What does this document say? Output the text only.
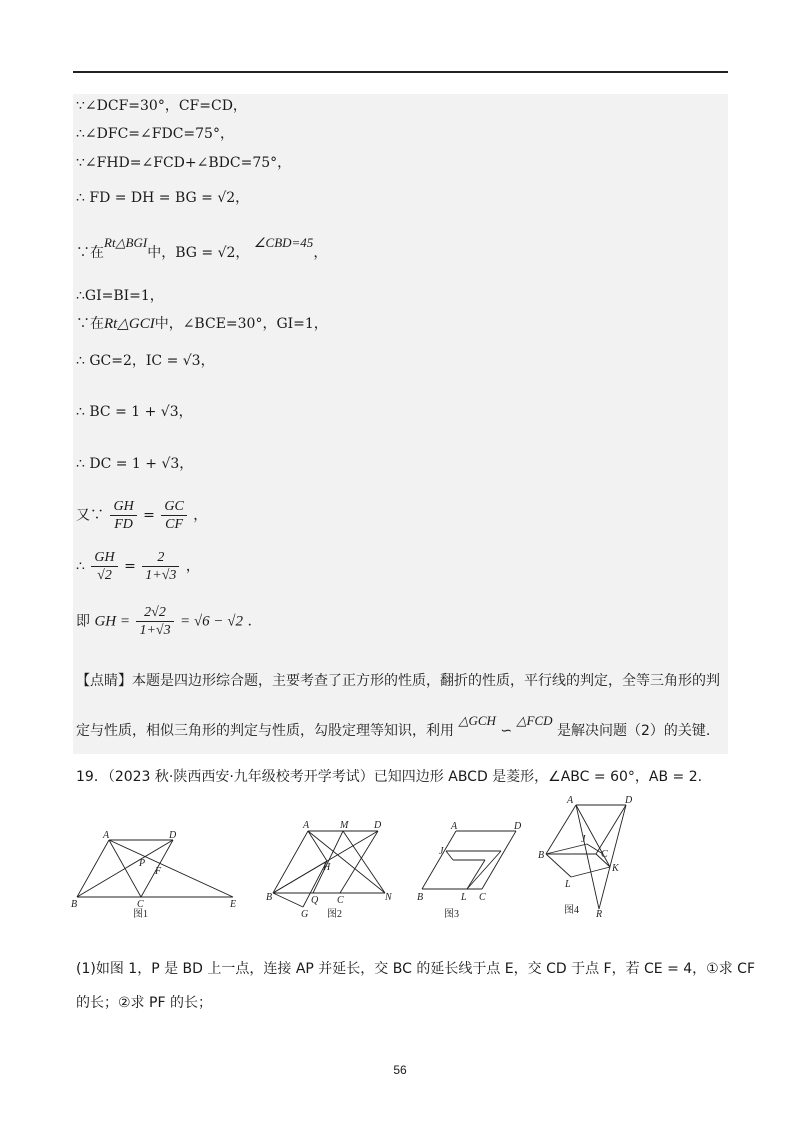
∵∠DCF=30°，CF=CD，
∴∠DFC=∠FDC=75°，
∵∠FHD=∠FCD+∠BDC=75°，
∴ FD = DH = BG = √2，
∵在Rt△BGI中，BG = √2， ∠CBD=45，
∴GI=BI=1，
∵在Rt△GCI中，∠BCE=30°，GI=1，
∴ GC=2，IC = √3，
∴ BC = 1 + √3，
∴ DC = 1 + √3，
又∵ $\frac{GH}{FD} = \frac{GC}{CF}$ ，
∴ $\frac{GH}{√2} = \frac{2}{1+√3}$ ，
即 GH = $\frac{2√2}{1+√3} = √6 - √2$ .
【点睛】本题是四边形综合题，主要考查了正方形的性质，翻折的性质，平行线的判定，全等三角形的判
定与性质，相似三角形的判定与性质，勾股定理等知识，利用 △GCH ∽ △FCD 是解决问题（2）的关键.
19．（2023 秋·陕西西安·九年级校考开学考试）已知四边形 ABCD 是菱形，∠ABC = 60°，AB = 2.
A	D
B	C	E
P
F
图1
A	M	D
B	Q C	N
H
G 图2
A	D
J
B	L C
图3
A	D
B
J
C
K
L
R
图4
(1)如图 1，P 是 BD 上一点，连接 AP 并延长，交 BC 的延长线于点 E，交 CD 于点 F，若 CE = 4，①求 CF
的长；②求 PF 的长；
56
